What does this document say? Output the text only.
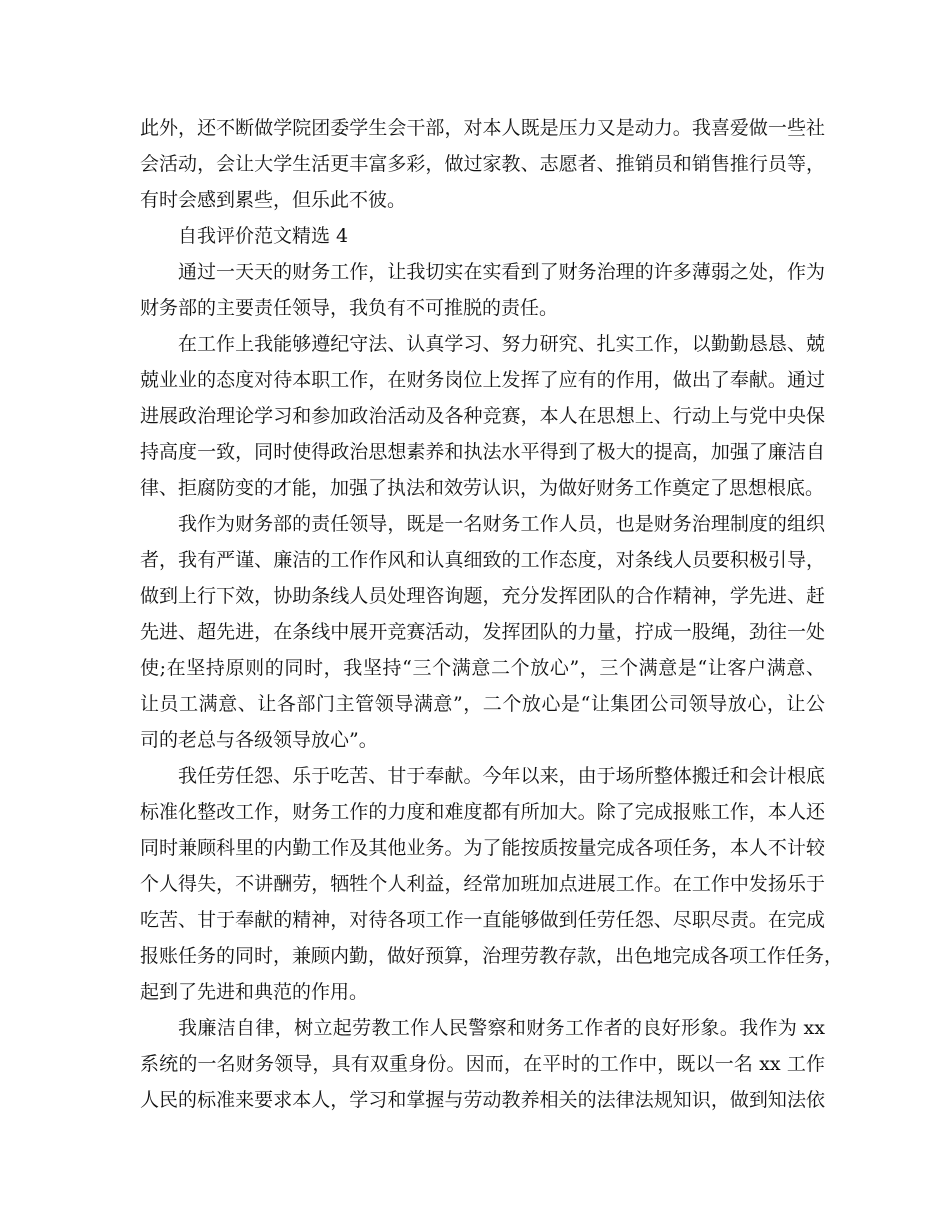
此外，还不断做学院团委学生会干部，对本人既是压力又是动力。我喜爱做一些社
会活动，会让大学生活更丰富多彩，做过家教、志愿者、推销员和销售推行员等，
有时会感到累些，但乐此不彼。
自我评价范文精选 4
通过一天天的财务工作，让我切实在实看到了财务治理的许多薄弱之处，作为
财务部的主要责任领导，我负有不可推脱的责任。
在工作上我能够遵纪守法、认真学习、努力研究、扎实工作，以勤勤恳恳、兢
兢业业的态度对待本职工作，在财务岗位上发挥了应有的作用，做出了奉献。通过
进展政治理论学习和参加政治活动及各种竞赛，本人在思想上、行动上与党中央保
持高度一致，同时使得政治思想素养和执法水平得到了极大的提高，加强了廉洁自
律、拒腐防变的才能，加强了执法和效劳认识，为做好财务工作奠定了思想根底。
我作为财务部的责任领导，既是一名财务工作人员，也是财务治理制度的组织
者，我有严谨、廉洁的工作作风和认真细致的工作态度，对条线人员要积极引导，
做到上行下效，协助条线人员处理咨询题，充分发挥团队的合作精神，学先进、赶
先进、超先进，在条线中展开竞赛活动，发挥团队的力量，拧成一股绳，劲往一处
使;在坚持原则的同时，我坚持“三个满意二个放心”，三个满意是“让客户满意、
让员工满意、让各部门主管领导满意”，二个放心是“让集团公司领导放心，让公
司的老总与各级领导放心”。
我任劳任怨、乐于吃苦、甘于奉献。今年以来，由于场所整体搬迁和会计根底
标准化整改工作，财务工作的力度和难度都有所加大。除了完成报账工作，本人还
同时兼顾科里的内勤工作及其他业务。为了能按质按量完成各项任务，本人不计较
个人得失，不讲酬劳，牺牲个人利益，经常加班加点进展工作。在工作中发扬乐于
吃苦、甘于奉献的精神，对待各项工作一直能够做到任劳任怨、尽职尽责。在完成
报账任务的同时，兼顾内勤，做好预算，治理劳教存款，出色地完成各项工作任务，
起到了先进和典范的作用。
我廉洁自律，树立起劳教工作人民警察和财务工作者的良好形象。我作为 xx
系统的一名财务领导，具有双重身份。因而，在平时的工作中，既以一名 xx 工作
人民的标准来要求本人，学习和掌握与劳动教养相关的法律法规知识，做到知法依
